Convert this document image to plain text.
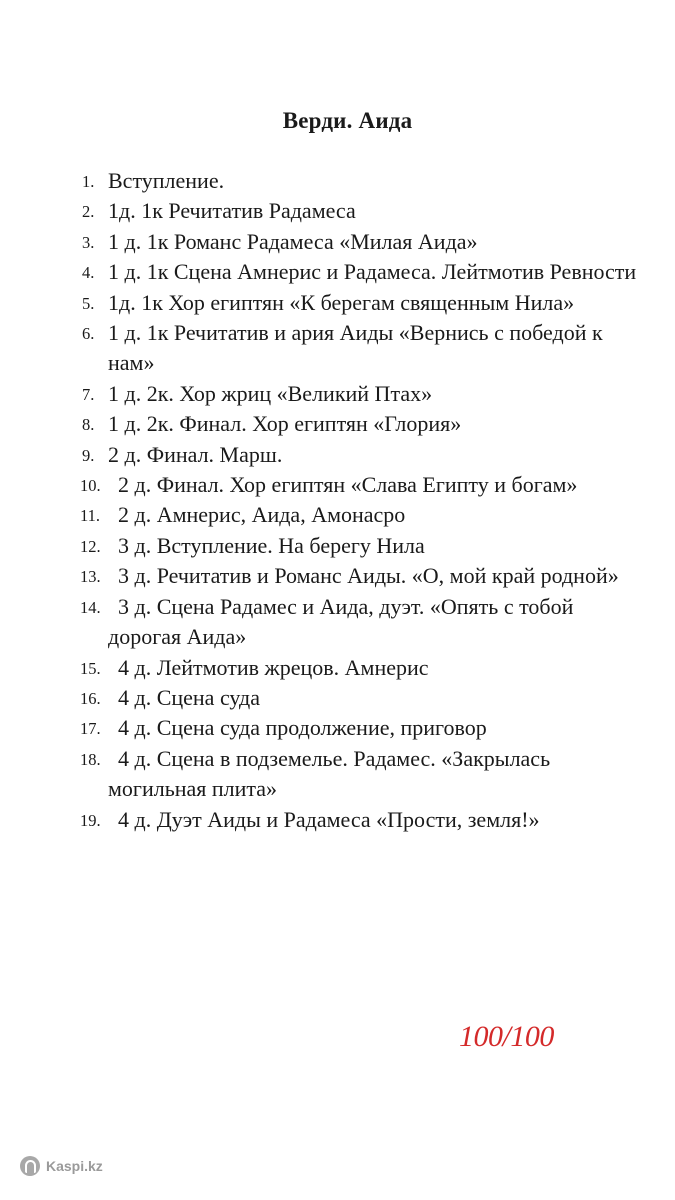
Верди. Аида
1. Вступление.
2. 1д. 1к Речитатив Радамеса
3. 1 д. 1к Романс Радамеса «Милая Аида»
4. 1 д. 1к Сцена Амнерис и Радамеса. Лейтмотив Ревности
5. 1д. 1к Хор египтян «К берегам священным Нила»
6. 1 д. 1к Речитатив и ария Аиды «Вернись с победой к нам»
7. 1 д. 2к. Хор жриц «Великий Птах»
8. 1 д. 2к. Финал. Хор египтян «Глория»
9. 2 д. Финал. Марш.
10. 2 д. Финал. Хор египтян «Слава Египту и богам»
11. 2 д. Амнерис, Аида, Амонасро
12. 3 д. Вступление. На берегу Нила
13. 3 д. Речитатив и Романс Аиды. «О, мой край родной»
14. 3 д. Сцена Радамес и Аида, дуэт. «Опять с тобой дорогая Аида»
15. 4 д. Лейтмотив жрецов. Амнерис
16. 4 д. Сцена суда
17. 4 д. Сцена суда продолжение, приговор
18. 4 д. Сцена в подземелье. Радамес. «Закрылась могильная плита»
19. 4 д. Дуэт Аиды и Радамеса «Прости, земля!»
100/100
Kaspi.kz
